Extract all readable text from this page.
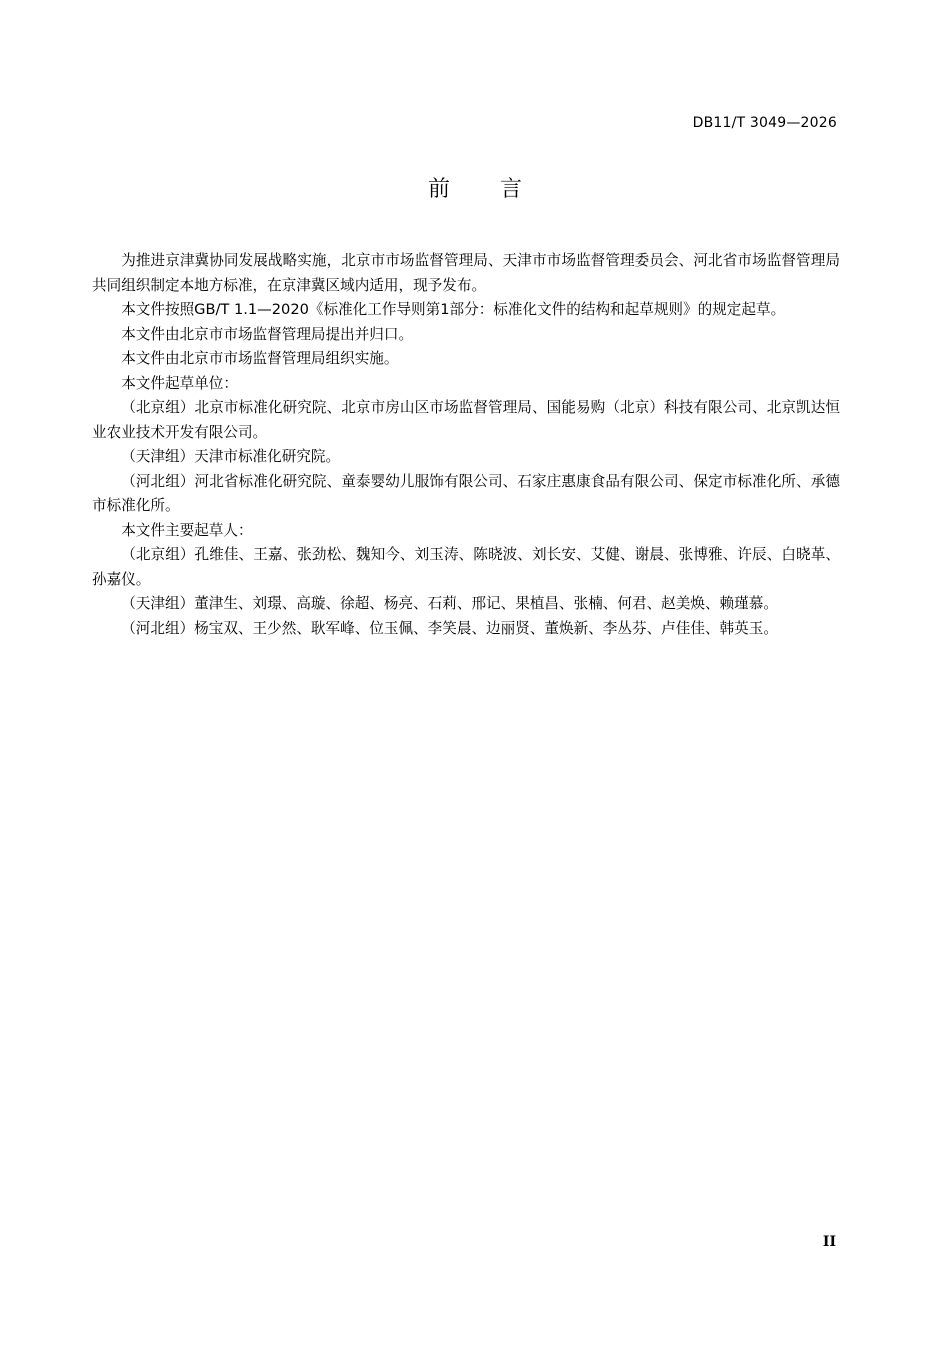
DB11/T 3049—2026
前言

为推进京津冀协同发展战略实施，北京市市场监督管理局、天津市市场监督管理委员会、河北省市场监督管理局共同组织制定本地方标准，在京津冀区域内适用，现予发布。

本文件按照GB/T 1.1—2020《标准化工作导则第1部分：标准化文件的结构和起草规则》的规定起草。

本文件由北京市市场监督管理局提出并归口。

本文件由北京市市场监督管理局组织实施。

本文件起草单位：

（北京组）北京市标准化研究院、北京市房山区市场监督管理局、国能易购（北京）科技有限公司、北京凯达恒业农业技术开发有限公司。

（天津组）天津市标准化研究院。

（河北组）河北省标准化研究院、童泰婴幼儿服饰有限公司、石家庄惠康食品有限公司、保定市标准化所、承德市标准化所。

本文件主要起草人：

（北京组）孔维佳、王嘉、张劲松、魏知今、刘玉涛、陈晓波、刘长安、艾健、谢晨、张博雅、许辰、白晓革、孙嘉仪。

（天津组）董津生、刘璟、高璇、徐超、杨亮、石莉、邢记、果植昌、张楠、何君、赵美焕、赖瑾慕。

（河北组）杨宝双、王少然、耿军峰、位玉佩、李笑晨、边丽贤、董焕新、李丛芬、卢佳佳、韩英玉。

II
